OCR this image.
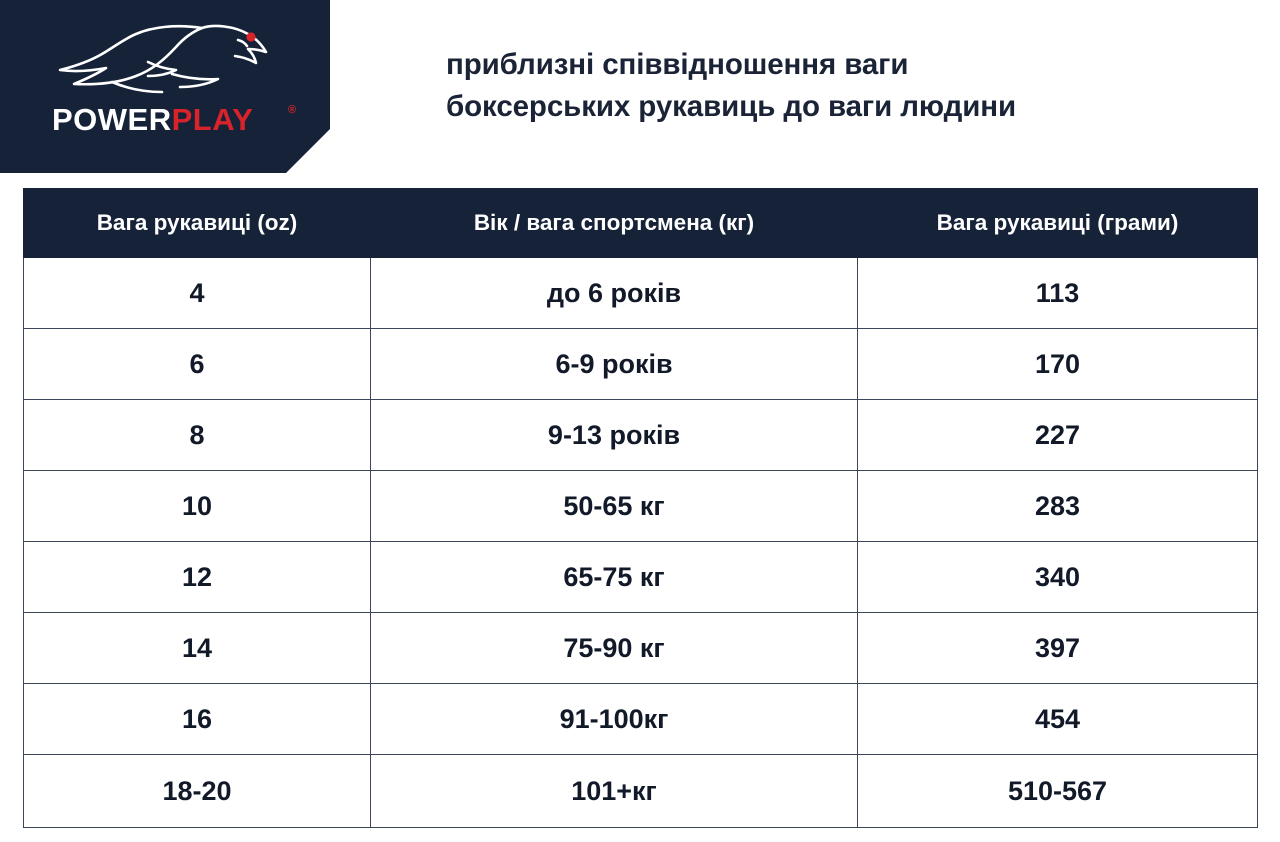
POWERPLAY	®
приблизні співвідношення ваги
боксерських рукавиць до ваги людини
Вага рукавиці (oz)	Вік / вага спортсмена (кг)	Вага рукавиці (грами)
4	до 6 років	113
6	6-9 років	170
8	9-13 років	227
10	50-65 кг	283
12	65-75 кг	340
14	75-90 кг	397
16	91-100кг	454
18-20	101+кг	510-567
